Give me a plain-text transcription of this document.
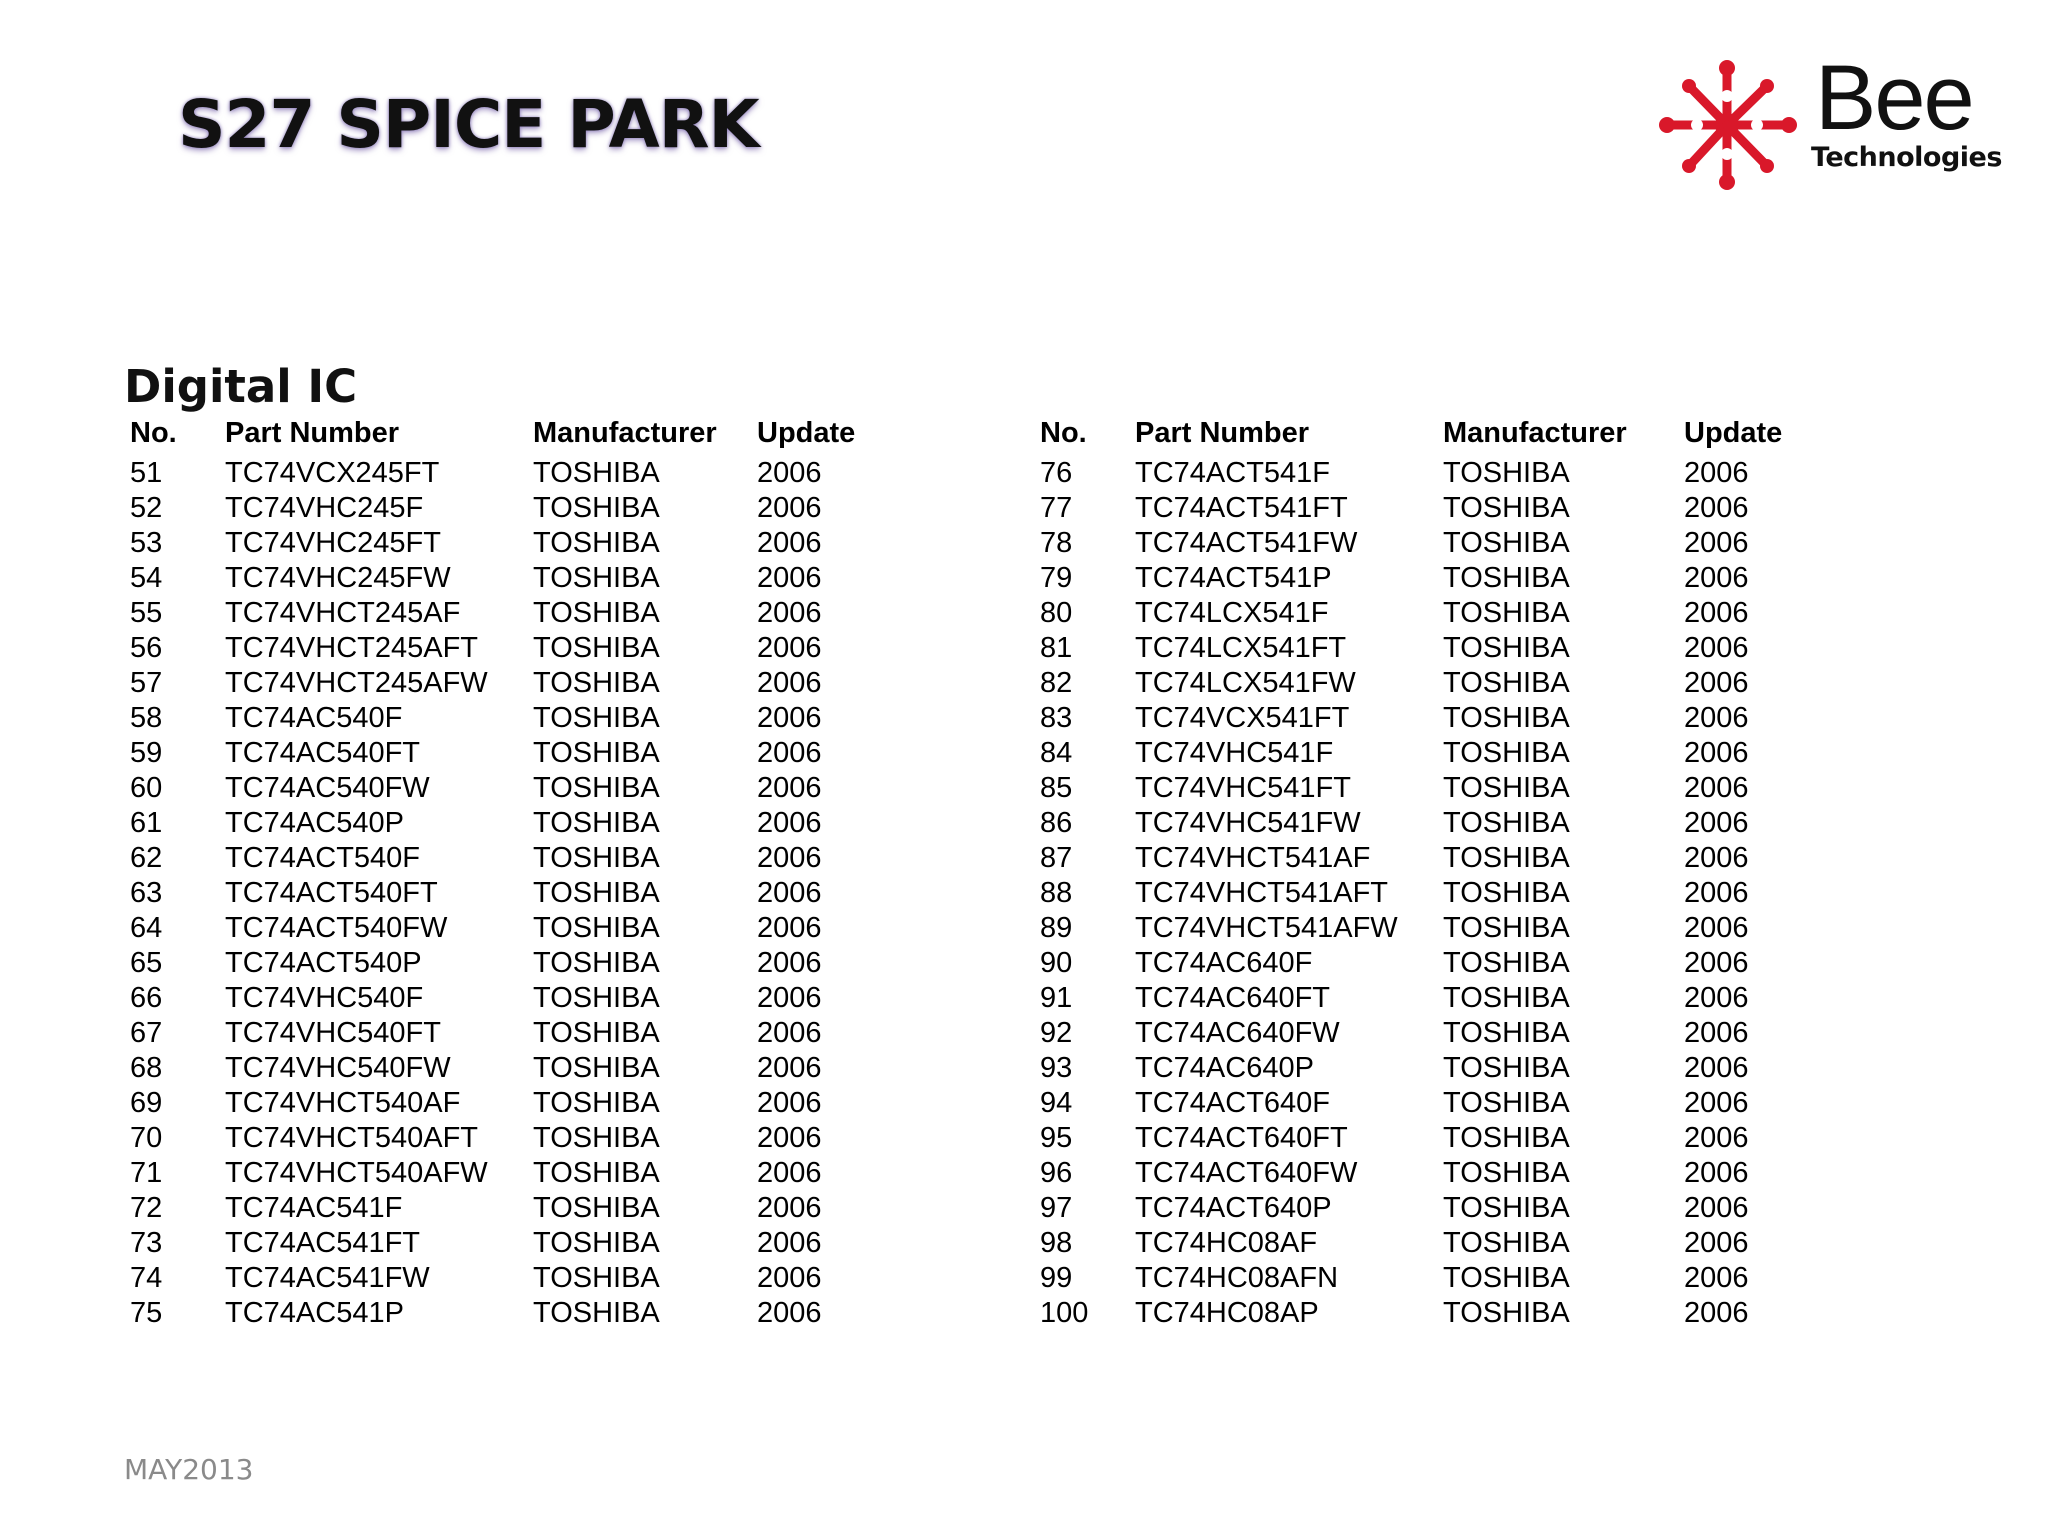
S27 SPICE PARK	Bee
Technologies
Digital IC
No.	Part Number	Manufacturer	Update

51	TC74VCX245FT	TOSHIBA	2006
52	TC74VHC245F	TOSHIBA	2006
53	TC74VHC245FT	TOSHIBA	2006
54	TC74VHC245FW	TOSHIBA	2006
55	TC74VHCT245AF	TOSHIBA	2006
56	TC74VHCT245AFT	TOSHIBA	2006
57	TC74VHCT245AFW	TOSHIBA	2006
58	TC74AC540F	TOSHIBA	2006
59	TC74AC540FT	TOSHIBA	2006
60	TC74AC540FW	TOSHIBA	2006
61	TC74AC540P	TOSHIBA	2006
62	TC74ACT540F	TOSHIBA	2006
63	TC74ACT540FT	TOSHIBA	2006
64	TC74ACT540FW	TOSHIBA	2006
65	TC74ACT540P	TOSHIBA	2006
66	TC74VHC540F	TOSHIBA	2006
67	TC74VHC540FT	TOSHIBA	2006
68	TC74VHC540FW	TOSHIBA	2006
69	TC74VHCT540AF	TOSHIBA	2006
70	TC74VHCT540AFT	TOSHIBA	2006
71	TC74VHCT540AFW	TOSHIBA	2006
72	TC74AC541F	TOSHIBA	2006
73	TC74AC541FT	TOSHIBA	2006
74	TC74AC541FW	TOSHIBA	2006
75	TC74AC541P	TOSHIBA	2006
No.	Part Number	Manufacturer	Update

76	TC74ACT541F	TOSHIBA	2006
77	TC74ACT541FT	TOSHIBA	2006
78	TC74ACT541FW	TOSHIBA	2006
79	TC74ACT541P	TOSHIBA	2006
80	TC74LCX541F	TOSHIBA	2006
81	TC74LCX541FT	TOSHIBA	2006
82	TC74LCX541FW	TOSHIBA	2006
83	TC74VCX541FT	TOSHIBA	2006
84	TC74VHC541F	TOSHIBA	2006
85	TC74VHC541FT	TOSHIBA	2006
86	TC74VHC541FW	TOSHIBA	2006
87	TC74VHCT541AF	TOSHIBA	2006
88	TC74VHCT541AFT	TOSHIBA	2006
89	TC74VHCT541AFW	TOSHIBA	2006
90	TC74AC640F	TOSHIBA	2006
91	TC74AC640FT	TOSHIBA	2006
92	TC74AC640FW	TOSHIBA	2006
93	TC74AC640P	TOSHIBA	2006
94	TC74ACT640F	TOSHIBA	2006
95	TC74ACT640FT	TOSHIBA	2006
96	TC74ACT640FW	TOSHIBA	2006
97	TC74ACT640P	TOSHIBA	2006
98	TC74HC08AF	TOSHIBA	2006
99	TC74HC08AFN	TOSHIBA	2006
100	TC74HC08AP	TOSHIBA	2006
MAY2013
